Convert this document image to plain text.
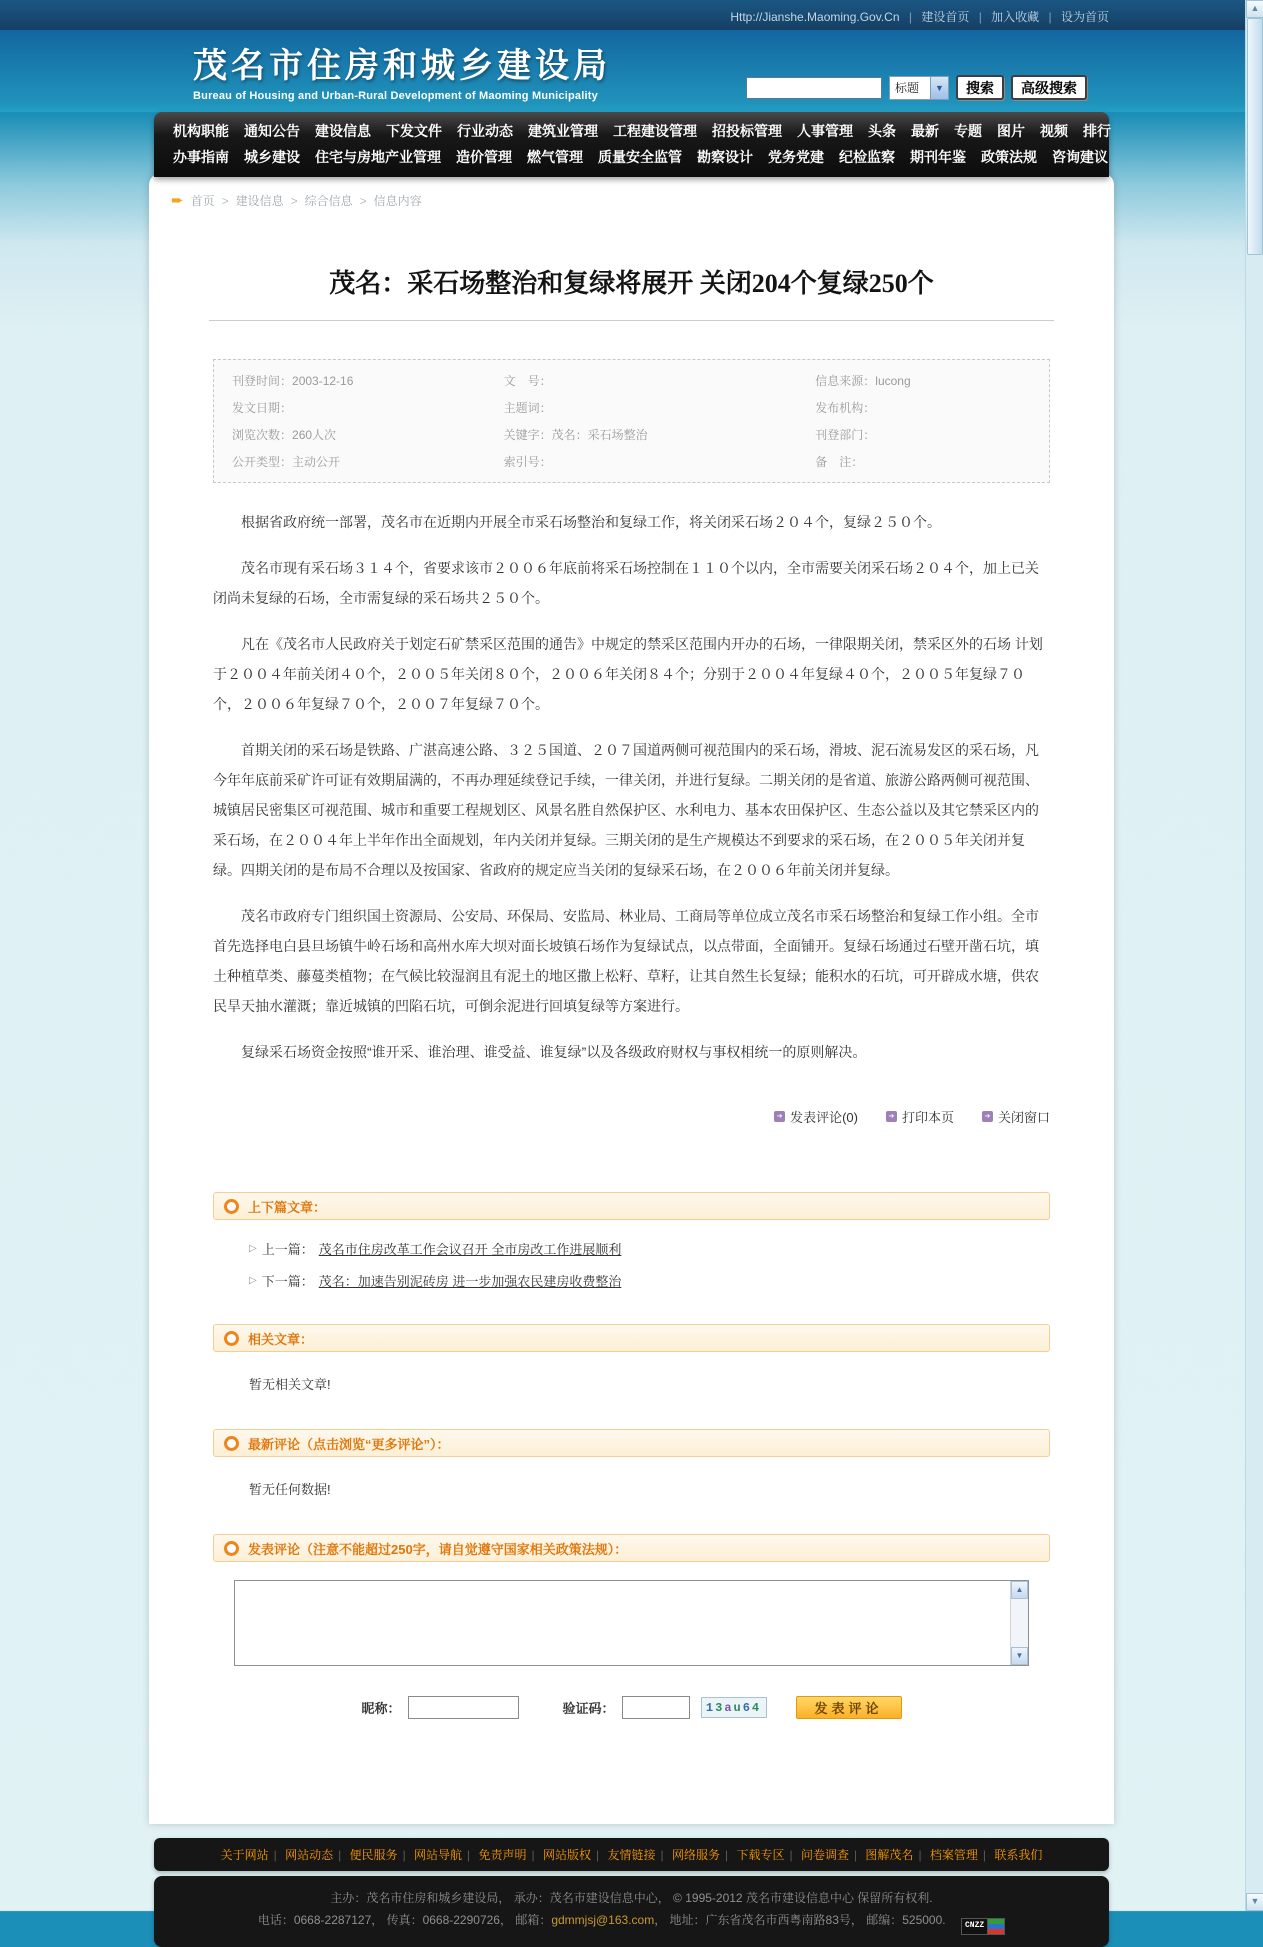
▲
▼
Http://Jianshe.Maoming.Gov.Cn | 建设首页 | 加入收藏 | 设为首页
茂名市住房和城乡建设局
Bureau of Housing and Urban-Rural Development of Maoming Municipality
标题	▼	搜索	高级搜索
机构职能 通知公告 建设信息 下发文件 行业动态 建筑业管理 工程建设管理 招投标管理 人事管理 头条 最新 专题 图片 视频 排行
办事指南 城乡建设 住宅与房地产业管理 造价管理 燃气管理 质量安全监管 勘察设计 党务党建 纪检监察 期刊年鉴 政策法规 咨询建议
➨ 首页 > 建设信息 > 综合信息 > 信息内容
茂名：采石场整治和复绿将展开 关闭204个复绿250个
刊登时间：2003-12-16	文　号：	信息来源：lucong
发文日期：	主题词：	发布机构：
浏览次数：260人次	关键字：茂名：采石场整治	刊登部门：
公开类型：主动公开	索引号：	备　注：

根据省政府统一部署，茂名市在近期内开展全市采石场整治和复绿工作，将关闭采石场２０４个，复绿２５０个。

茂名市现有采石场３１４个，省要求该市２００６年底前将采石场控制在１１０个以内，全市需要关闭采石场２０４个，加上已关闭尚未复绿的石场，全市需复绿的采石场共２５０个。

凡在《茂名市人民政府关于划定石矿禁采区范围的通告》中规定的禁采区范围内开办的石场，一律限期关闭，禁采区外的石场 计划于２００４年前关闭４０个，２００５年关闭８０个，２００６年关闭８４个；分别于２００４年复绿４０个，２００５年复绿７０个，２００６年复绿７０个，２００７年复绿７０个。

首期关闭的采石场是铁路、广湛高速公路、３２５国道、２０７国道两侧可视范围内的采石场，滑坡、泥石流易发区的采石场，凡今年年底前采矿许可证有效期届满的，不再办理延续登记手续，一律关闭，并进行复绿。二期关闭的是省道、旅游公路两侧可视范围、城镇居民密集区可视范围、城市和重要工程规划区、风景名胜自然保护区、水利电力、基本农田保护区、生态公益以及其它禁采区内的采石场，在２００４年上半年作出全面规划，年内关闭并复绿。三期关闭的是生产规模达不到要求的采石场，在２００５年关闭并复绿。四期关闭的是布局不合理以及按国家、省政府的规定应当关闭的复绿采石场，在２００６年前关闭并复绿。

茂名市政府专门组织国土资源局、公安局、环保局、安监局、林业局、工商局等单位成立茂名市采石场整治和复绿工作小组。全市首先选择电白县旦场镇牛岭石场和高州水库大坝对面长坡镇石场作为复绿试点，以点带面，全面铺开。复绿石场通过石壁开凿石坑，填土种植草类、藤蔓类植物；在气候比较湿润且有泥土的地区撒上松籽、草籽，让其自然生长复绿；能积水的石坑，可开辟成水塘，供农民旱天抽水灌溉；靠近城镇的凹陷石坑，可倒余泥进行回填复绿等方案进行。

复绿采石场资金按照“谁开采、谁治理、谁受益、谁复绿”以及各级政府财权与事权相统一的原则解决。

➔ 发表评论(0)	➔ 打印本页	➔ 关闭窗口
上下篇文章：
▷ 上一篇： 茂名市住房改革工作会议召开 全市房改工作进展顺利
▷ 下一篇： 茂名：加速告别泥砖房 进一步加强农民建房收费整治
相关文章：
暂无相关文章!
最新评论（点击浏览“更多评论”）：
暂无任何数据!
发表评论（注意不能超过250字，请自觉遵守国家相关政策法规）：
▲
▼
昵称：	验证码：	1 3 a u 6 4	发表评论
关于网站 | 网站动态 | 便民服务 | 网站导航 | 免责声明 | 网站版权 | 友情链接 | 网络服务 | 下载专区 | 问卷调查 | 图解茂名 | 档案管理 | 联系我们
主办：茂名市住房和城乡建设局， 承办：茂名市建设信息中心， © 1995-2012 茂名市建设信息中心 保留所有权利.
电话：0668-2287127， 传真：0668-2290726， 邮箱：gdmmjsj@163.com， 地址：广东省茂名市西粤南路83号， 邮编：525000.	CNZZ
